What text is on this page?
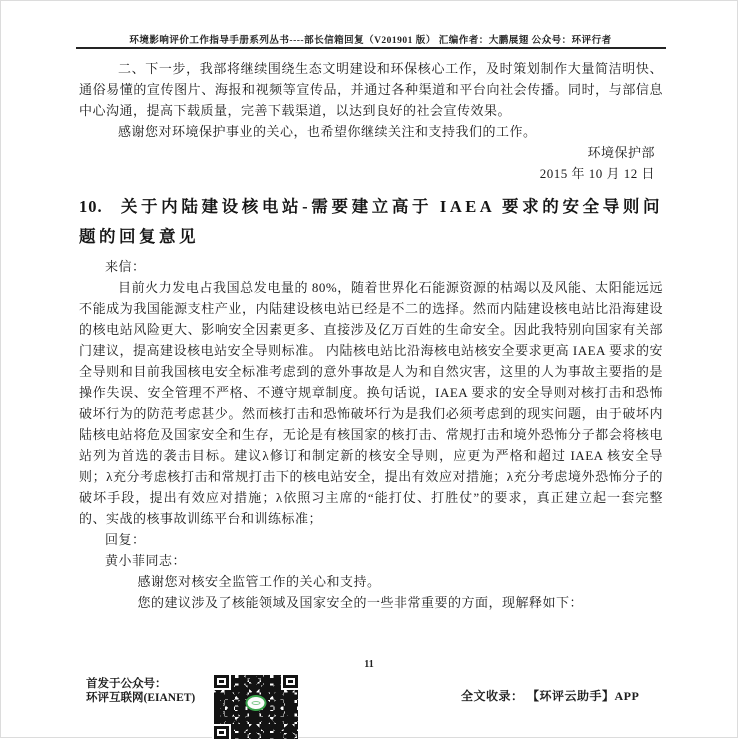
环境影响评价工作指导手册系列丛书----部长信箱回复（V201901 版） 汇编作者：大鹏展翅 公众号：环评行者

二、下一步，我部将继续围绕生态文明建设和环保核心工作，及时策划制作大量简洁明快、通俗易懂的宣传图片、海报和视频等宣传品，并通过各种渠道和平台向社会传播。同时，与部信息中心沟通，提高下载质量，完善下载渠道，以达到良好的社会宣传效果。

感谢您对环境保护事业的关心，也希望你继续关注和支持我们的工作。

环境保护部

2015 年 10 月 12 日

10. 关于内陆建设核电站-需要建立高于 IAEA 要求的安全导则问题的回复意见

来信：

目前火力发电占我国总发电量的 80%，随着世界化石能源资源的枯竭以及风能、太阳能远远不能成为我国能源支柱产业，内陆建设核电站已经是不二的选择。然而内陆建设核电站比沿海建设的核电站风险更大、影响安全因素更多、直接涉及亿万百姓的生命安全。因此我特别向国家有关部门建议，提高建设核电站安全导则标准。 内陆核电站比沿海核电站核安全要求更高 IAEA 要求的安全导则和目前我国核电安全标准考虑到的意外事故是人为和自然灾害，这里的人为事故主要指的是操作失误、安全管理不严格、不遵守规章制度。换句话说，IAEA 要求的安全导则对核打击和恐怖破坏行为的防范考虑甚少。然而核打击和恐怖破坏行为是我们必须考虑到的现实问题，由于破坏内陆核电站将危及国家安全和生存，无论是有核国家的核打击、常规打击和境外恐怖分子都会将核电站列为首选的袭击目标。建议λ修订和制定新的核安全导则，应更为严格和超过 IAEA 核安全导则；λ充分考虑核打击和常规打击下的核电站安全，提出有效应对措施；λ充分考虑境外恐怖分子的破坏手段，提出有效应对措施；λ依照习主席的“能打仗、打胜仗”的要求，真正建立起一套完整的、实战的核事故训练平台和训练标准；

回复：

黄小菲同志：

感谢您对核安全监管工作的关心和支持。

您的建议涉及了核能领域及国家安全的一些非常重要的方面，现解释如下：

11
首发于公众号：
环评互联网(EIANET)	全文收录： 【环评云助手】APP
